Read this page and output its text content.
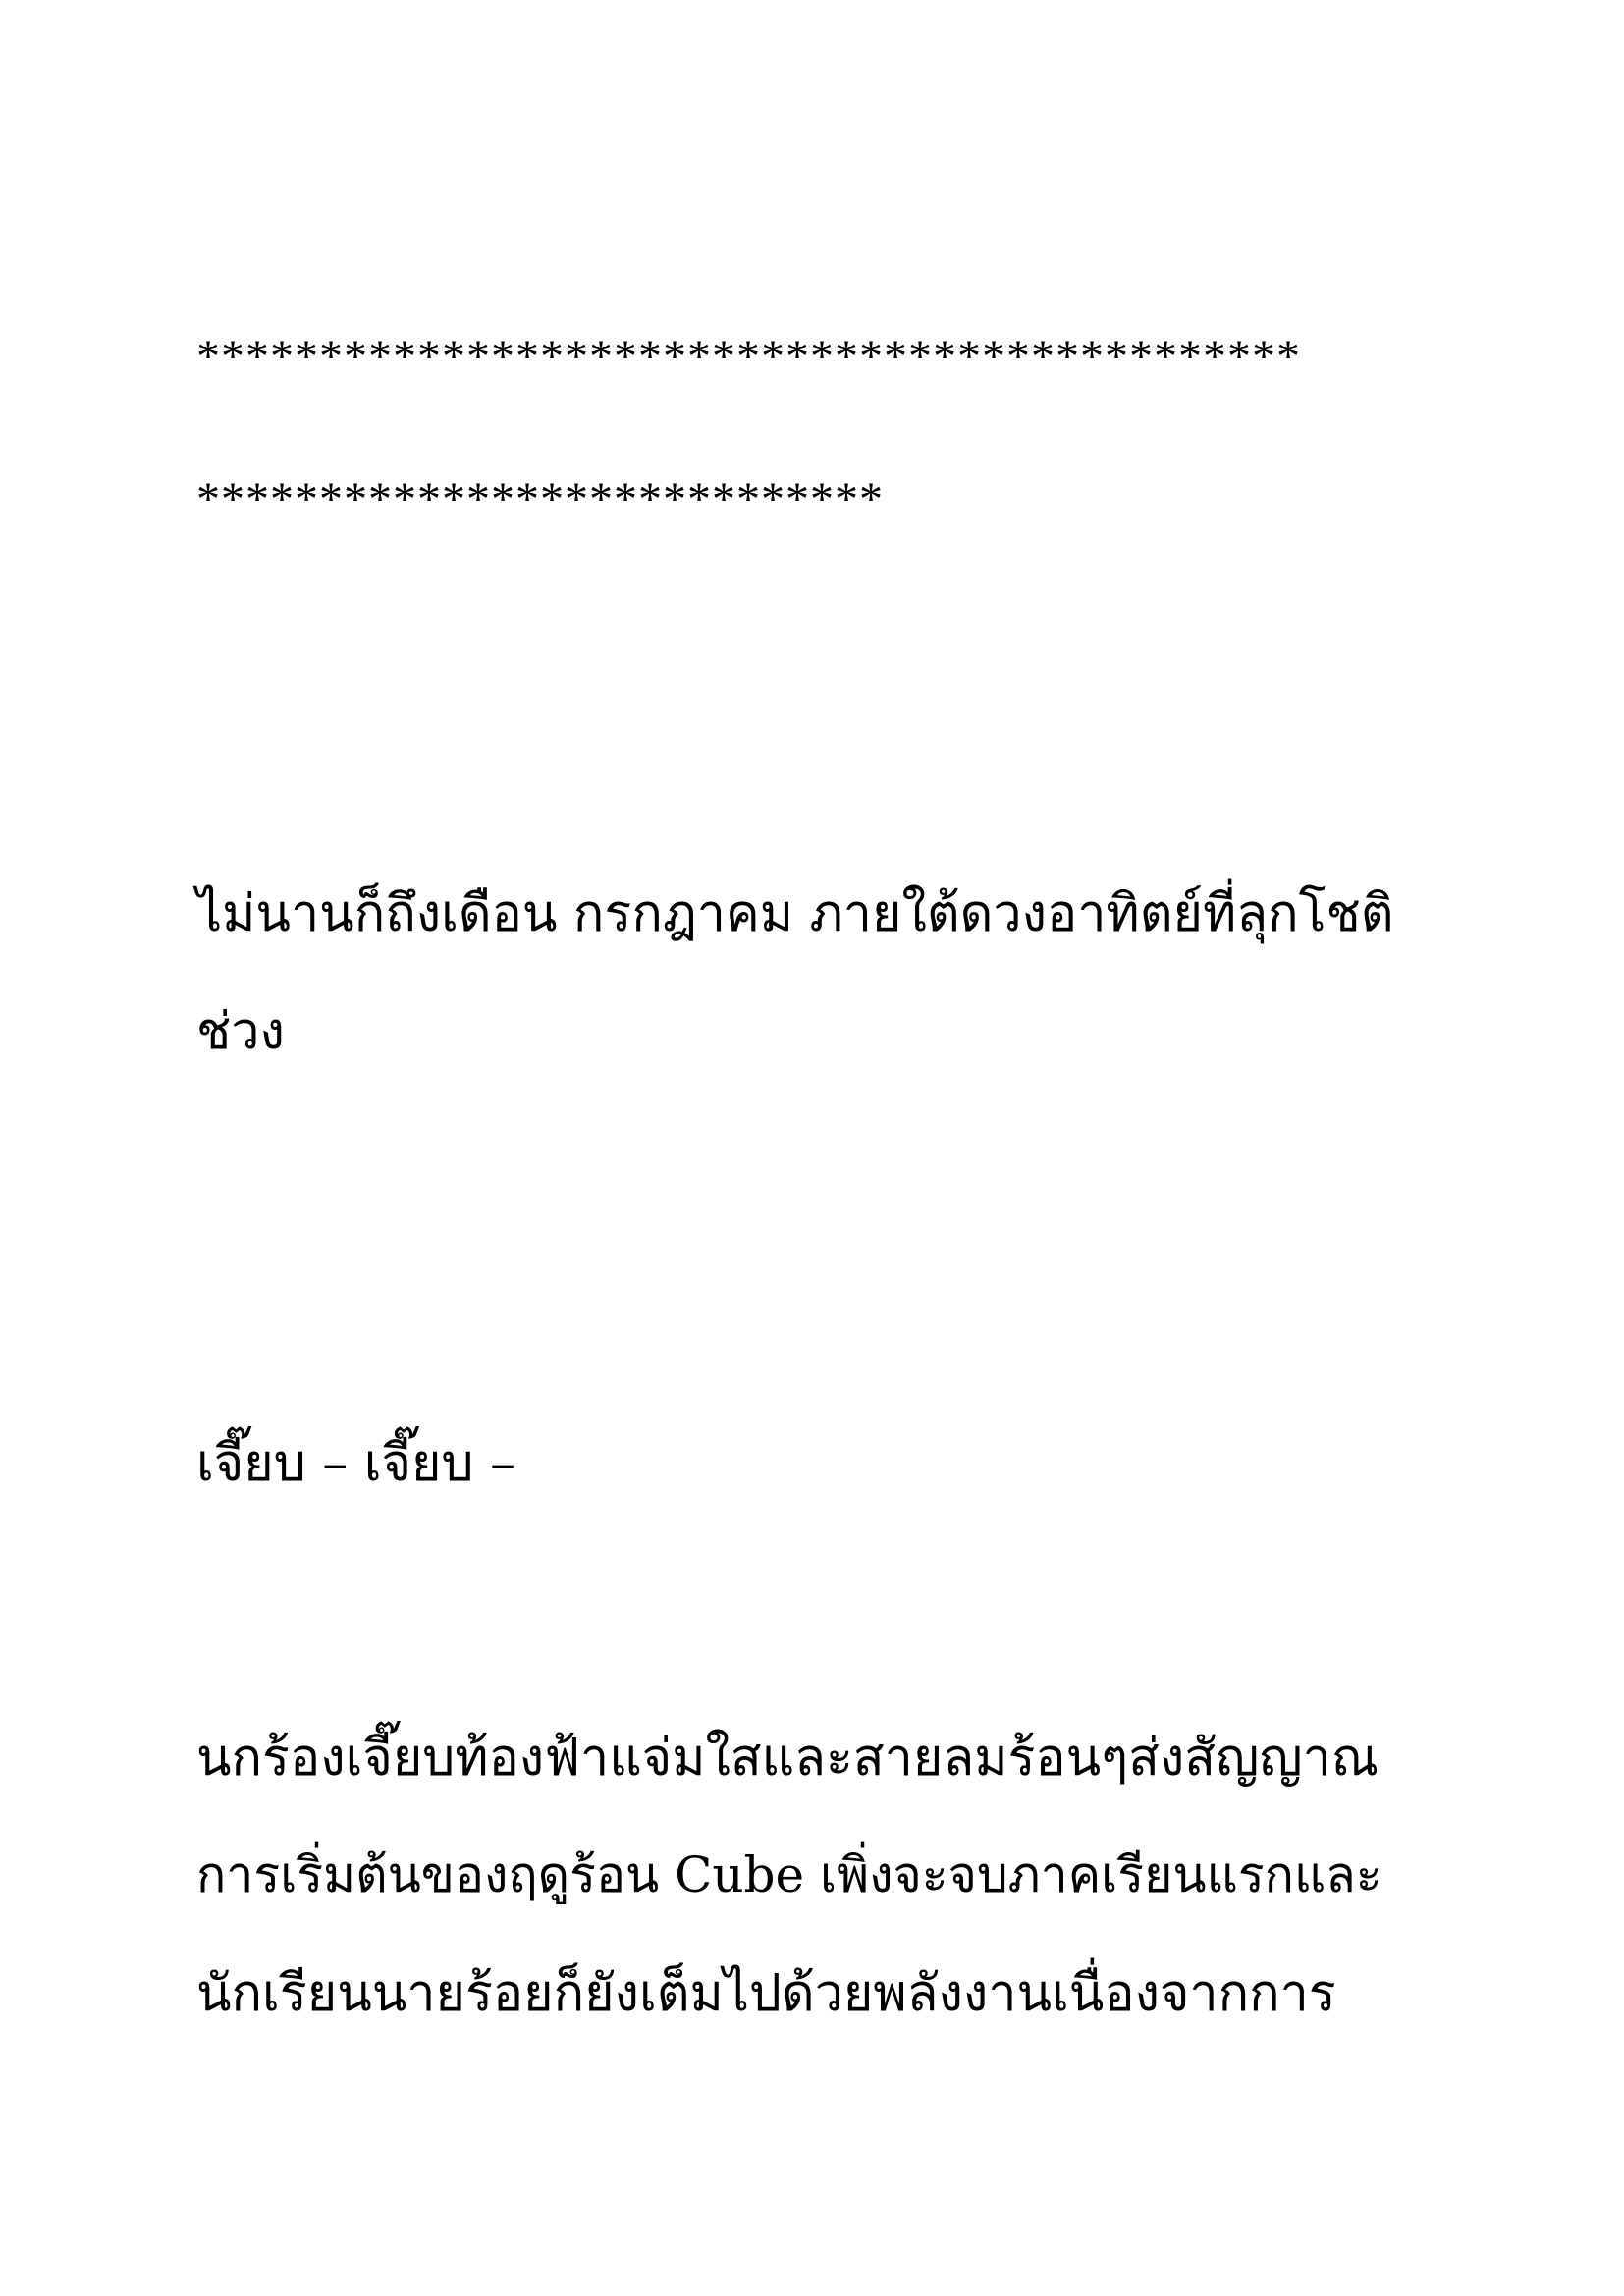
*********************************************

****************************

ไม่นานก็ถึงเดือน กรกฎาคม ภายใต้ดวงอาทิตย์ที่ลุกโชติ

ช่วง

เจี๊ยบ – เจี๊ยบ –

นกร้องเจี๊ยบท้องฟ้าแจ่มใสและสายลมร้อนๆส่งสัญญาณ

การเริ่มต้นของฤดูร้อน Cube เพิ่งจะจบภาคเรียนแรกและ

นักเรียนนายร้อยก็ยังเต็มไปด้วยพลังงานเนื่องจากการ
